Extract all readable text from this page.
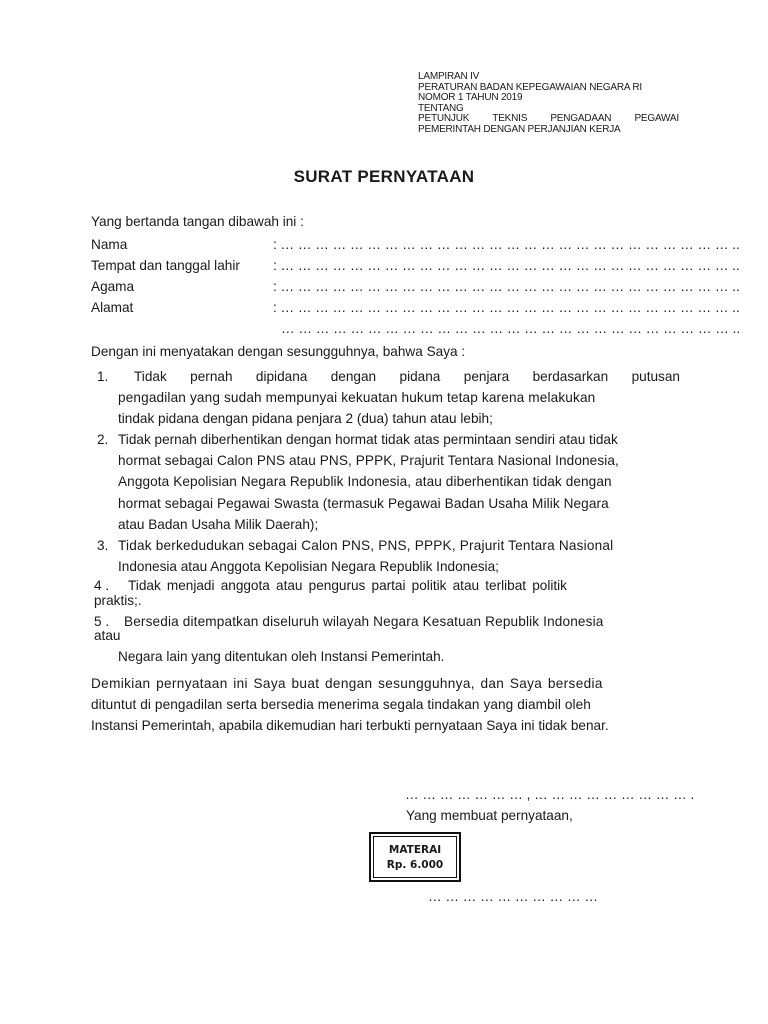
LAMPIRAN IV
PERATURAN BADAN KEPEGAWAIAN NEGARA RI
NOMOR 1 TAHUN 2019
TENTANG
PETUNJUK TEKNIS PENGADAAN PEGAWAI
PEMERINTAH DENGAN PERJANJIAN KERJA
SURAT PERNYATAAN
Yang bertanda tangan dibawah ini :
Nama	: … … … … … … … … … … … … … … … … … … … … … … … … … … ..
Tempat dan tanggal lahir : … … … … … … … … … … … … … … … … … … … … … … … … … … ..
Agama	: … … … … … … … … … … … … … … … … … … … … … … … … … … ..
Alamat	: … … … … … … … … … … … … … … … … … … … … … … … … … … ..
… … … … … … … … … … … … … … … … … … … … … … … … … … ..
Dengan ini menyatakan dengan sesungguhnya, bahwa Saya :
1. Tidak pernah dipidana dengan pidana penjara berdasarkan putusan
pengadilan yang sudah mempunyai kekuatan hukum tetap karena melakukan
tindak pidana dengan pidana penjara 2 (dua) tahun atau lebih;
2. Tidak pernah diberhentikan dengan hormat tidak atas permintaan sendiri atau tidak
hormat sebagai Calon PNS atau PNS, PPPK, Prajurit Tentara Nasional Indonesia,
Anggota Kepolisian Negara Republik Indonesia, atau diberhentikan tidak dengan
hormat sebagai Pegawai Swasta (termasuk Pegawai Badan Usaha Milik Negara
atau Badan Usaha Milik Daerah);
3. Tidak berkedudukan sebagai Calon PNS, PNS, PPPK, Prajurit Tentara Nasional
Indonesia atau Anggota Kepolisian Negara Republik Indonesia;
4 . Tidak menjadi anggota atau pengurus partai politik atau terlibat politik
praktis;.
5 . Bersedia ditempatkan diseluruh wilayah Negara Kesatuan Republik Indonesia
atau
Negara lain yang ditentukan oleh Instansi Pemerintah.
Demikian pernyataan ini Saya buat dengan sesungguhnya, dan Saya bersedia
dituntut di pengadilan serta bersedia menerima segala tindakan yang diambil oleh
Instansi Pemerintah, apabila dikemudian hari terbukti pernyataan Saya ini tidak benar.
… … … … … … … , … … … … … … … … … .
Yang membuat pernyataan,
MATERAI
Rp. 6.000
… … … … … … … … … …
